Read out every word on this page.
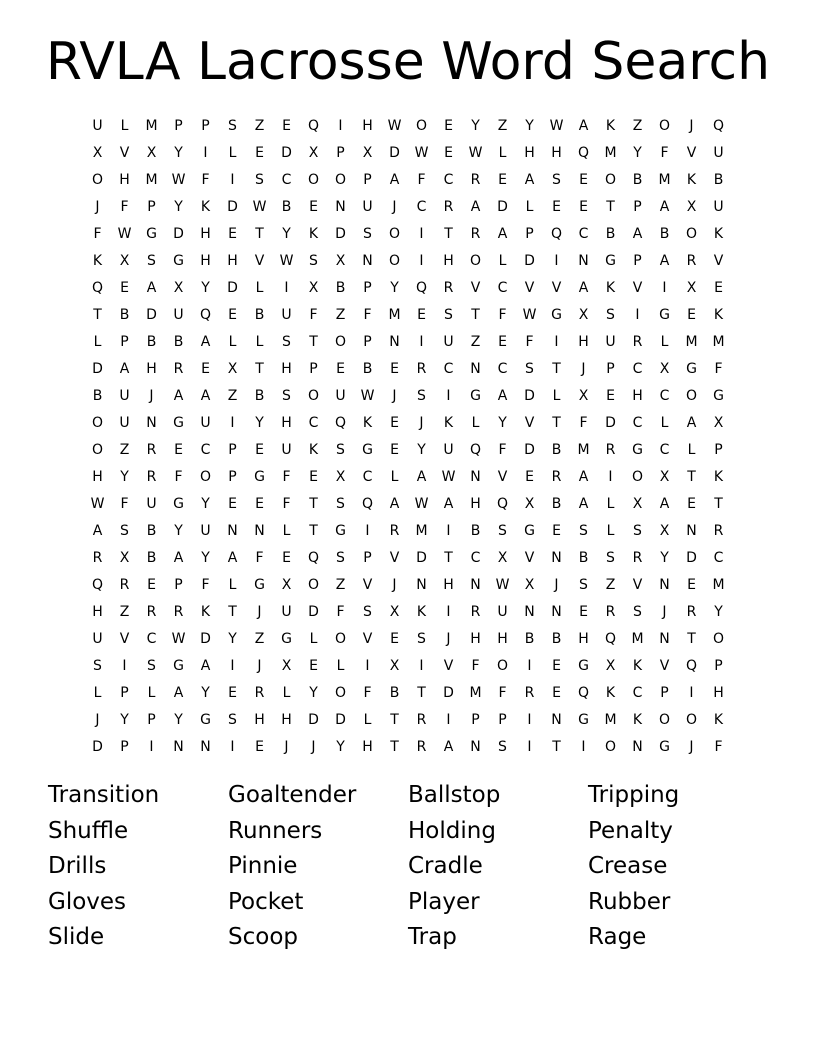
RVLA Lacrosse Word Search
U	L	M	P	P	S	Z	E	Q	I	H	W	O	E	Y	Z	Y	W	A	K	Z	O	J	Q
X	V	X	Y	I	L	E	D	X	P	X	D	W	E	W	L	H	H	Q	M	Y	F	V	U
O	H	M	W	F	I	S	C	O	O	P	A	F	C	R	E	A	S	E	O	B	M	K	B
J	F	P	Y	K	D	W	B	E	N	U	J	C	R	A	D	L	E	E	T	P	A	X	U
F	W	G	D	H	E	T	Y	K	D	S	O	I	T	R	A	P	Q	C	B	A	B	O	K
K	X	S	G	H	H	V	W	S	X	N	O	I	H	O	L	D	I	N	G	P	A	R	V
Q	E	A	X	Y	D	L	I	X	B	P	Y	Q	R	V	C	V	V	A	K	V	I	X	E
T	B	D	U	Q	E	B	U	F	Z	F	M	E	S	T	F	W	G	X	S	I	G	E	K
L	P	B	B	A	L	L	S	T	O	P	N	I	U	Z	E	F	I	H	U	R	L	M	M
D	A	H	R	E	X	T	H	P	E	B	E	R	C	N	C	S	T	J	P	C	X	G	F
B	U	J	A	A	Z	B	S	O	U	W	J	S	I	G	A	D	L	X	E	H	C	O	G
O	U	N	G	U	I	Y	H	C	Q	K	E	J	K	L	Y	V	T	F	D	C	L	A	X
O	Z	R	E	C	P	E	U	K	S	G	E	Y	U	Q	F	D	B	M	R	G	C	L	P
H	Y	R	F	O	P	G	F	E	X	C	L	A	W	N	V	E	R	A	I	O	X	T	K
W	F	U	G	Y	E	E	F	T	S	Q	A	W	A	H	Q	X	B	A	L	X	A	E	T
A	S	B	Y	U	N	N	L	T	G	I	R	M	I	B	S	G	E	S	L	S	X	N	R
R	X	B	A	Y	A	F	E	Q	S	P	V	D	T	C	X	V	N	B	S	R	Y	D	C
Q	R	E	P	F	L	G	X	O	Z	V	J	N	H	N	W	X	J	S	Z	V	N	E	M
H	Z	R	R	K	T	J	U	D	F	S	X	K	I	R	U	N	N	E	R	S	J	R	Y
U	V	C	W	D	Y	Z	G	L	O	V	E	S	J	H	H	B	B	H	Q	M	N	T	O
S	I	S	G	A	I	J	X	E	L	I	X	I	V	F	O	I	E	G	X	K	V	Q	P
L	P	L	A	Y	E	R	L	Y	O	F	B	T	D	M	F	R	E	Q	K	C	P	I	H
J	Y	P	Y	G	S	H	H	D	D	L	T	R	I	P	P	I	N	G	M	K	O	O	K
D	P	I	N	N	I	E	J	J	Y	H	T	R	A	N	S	I	T	I	O	N	G	J	F
Transition	Goaltender	Ballstop	Tripping
Shuffle	Runners	Holding	Penalty
Drills	Pinnie	Cradle	Crease
Gloves	Pocket	Player	Rubber
Slide	Scoop	Trap	Rage
